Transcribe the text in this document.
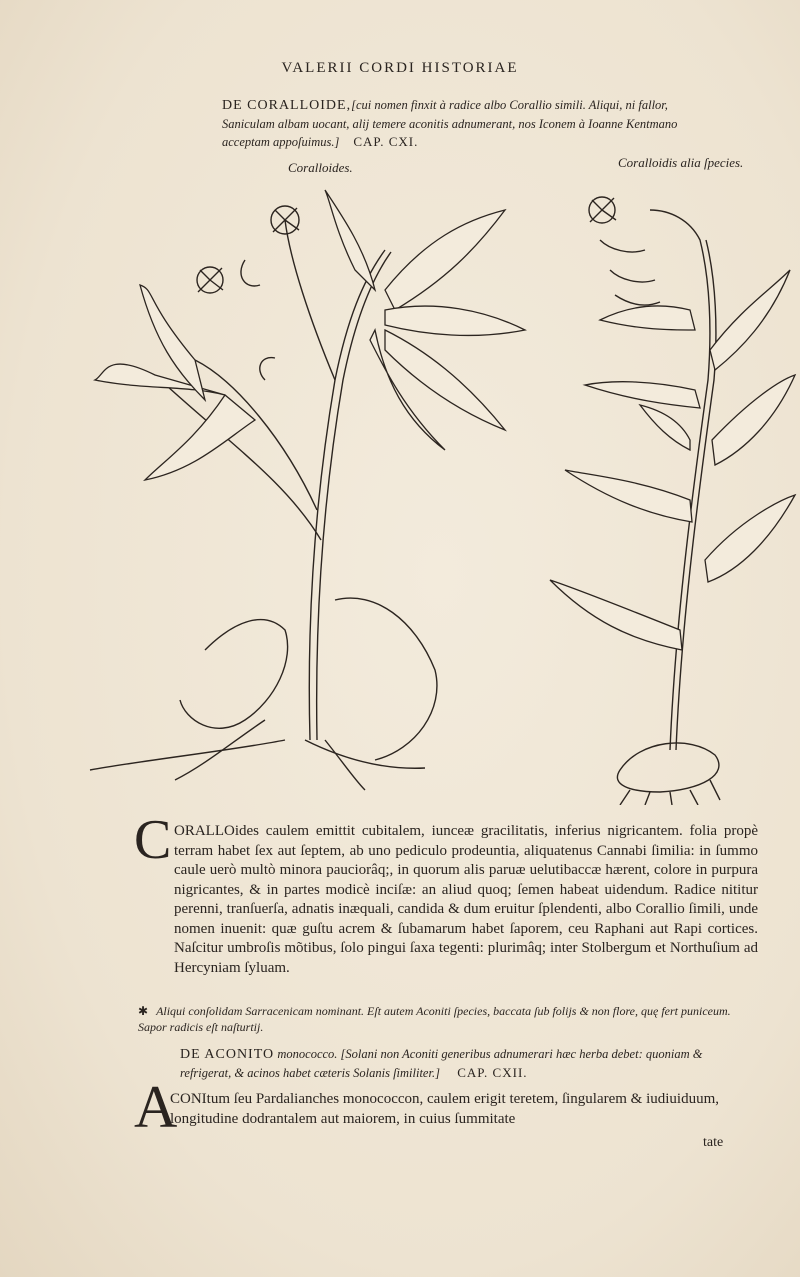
VALERII CORDI HISTORIAE
DE CORALLOIDE,[cui nomen finxit à radice albo Corallio simili. Aliqui, ni fallor, Saniculam albam uocant, alij temere aconitis adnumerant, nos Iconem à Ioanne Kentmano acceptam appoſuimus.] CAP. CXI.
Coralloides.	Coralloidis alia ſpecies.
C ORALLOides caulem emittit cubitalem, iunceæ gracilitatis, inferius nigricantem. folia propè terram habet ſex aut ſeptem, ab uno pediculo prodeuntia, aliquatenus Cannabi ſimilia: in ſummo caule uerò multò minora pauciorâq;, in quorum alis paruæ uelutibaccæ hærent, colore in purpura nigricantes, & in partes modicè inciſæ: an aliud quoq; ſemen habeat uidendum. Radice nititur perenni, tranſuerſa, adnatis inæquali, candida & dum eruitur ſplendenti, albo Corallio ſimili, unde nomen inuenit: quæ guſtu acrem & ſubamarum habet ſaporem, ceu Raphani aut Rapi cortices. Naſcitur umbroſis mõtibus, ſolo pingui ſaxa tegenti: plurimâq; inter Stolbergum et Northuſium ad Hercyniam ſyluam.
✱ Aliqui conſolidam Sarracenicam nominant. Eſt autem Aconiti ſpecies, baccata ſub folijs & non flore, quę fert puniceum. Sapor radicis eſt naſturtij.
DE ACONITO monococco. [Solani non Aconiti generibus adnumerari hæc herba debet: quoniam & refrigerat, & acinos habet cæteris Solanis ſimiliter.] CAP. CXII.
A
CONItum ſeu Pardalianches monococcon, caulem erigit teretem, ſingularem & iudiuiduum, longitudine dodrantalem aut maiorem, in cuius ſummitate
tate
